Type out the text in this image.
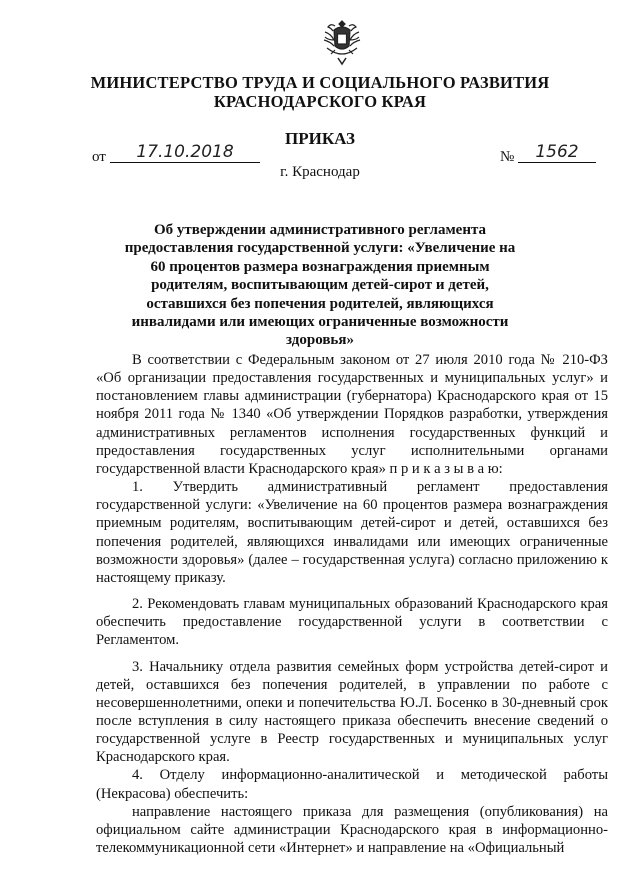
МИНИСТЕРСТВО ТРУДА И СОЦИАЛЬНОГО РАЗВИТИЯ
КРАСНОДАРСКОГО КРАЯ
ПРИКАЗ
от	17.10.2018	№	1562
г. Краснодар
Об утверждении административного регламента предоставления государственной услуги: «Увеличение на 60 процентов размера вознаграждения приемным родителям, воспитывающим детей-сирот и детей, оставшихся без попечения родителей, являющихся инвалидами или имеющих ограниченные возможности здоровья»

В соответствии с Федеральным законом от 27 июля 2010 года № 210-ФЗ «Об организации предоставления государственных и муниципальных услуг» и постановлением главы администрации (губернатора) Краснодарского края от 15 ноября 2011 года № 1340 «Об утверждении Порядков разработки, утверждения административных регламентов исполнения государственных функций и предоставления государственных услуг исполнительными органами государственной власти Краснодарского края» п р и к а з ы в а ю:

1. Утвердить административный регламент предоставления государственной услуги: «Увеличение на 60 процентов размера вознаграждения приемным родителям, воспитывающим детей-сирот и детей, оставшихся без попечения родителей, являющихся инвалидами или имеющих ограниченные возможности здоровья» (далее – государственная услуга) согласно приложению к настоящему приказу.

2. Рекомендовать главам муниципальных образований Краснодарского края обеспечить предоставление государственной услуги в соответствии с Регламентом.

3. Начальнику отдела развития семейных форм устройства детей-сирот и детей, оставшихся без попечения родителей, в управлении по работе с несовершеннолетними, опеки и попечительства Ю.Л. Босенко в 30-дневный срок после вступления в силу настоящего приказа обеспечить внесение сведений о государственной услуге в Реестр государственных и муниципальных услуг Краснодарского края.

4. Отделу информационно-аналитической и методической работы (Некрасова) обеспечить:

направление настоящего приказа для размещения (опубликования) на официальном сайте администрации Краснодарского края в информационно-телекоммуникационной сети «Интернет» и направление на «Официальный
